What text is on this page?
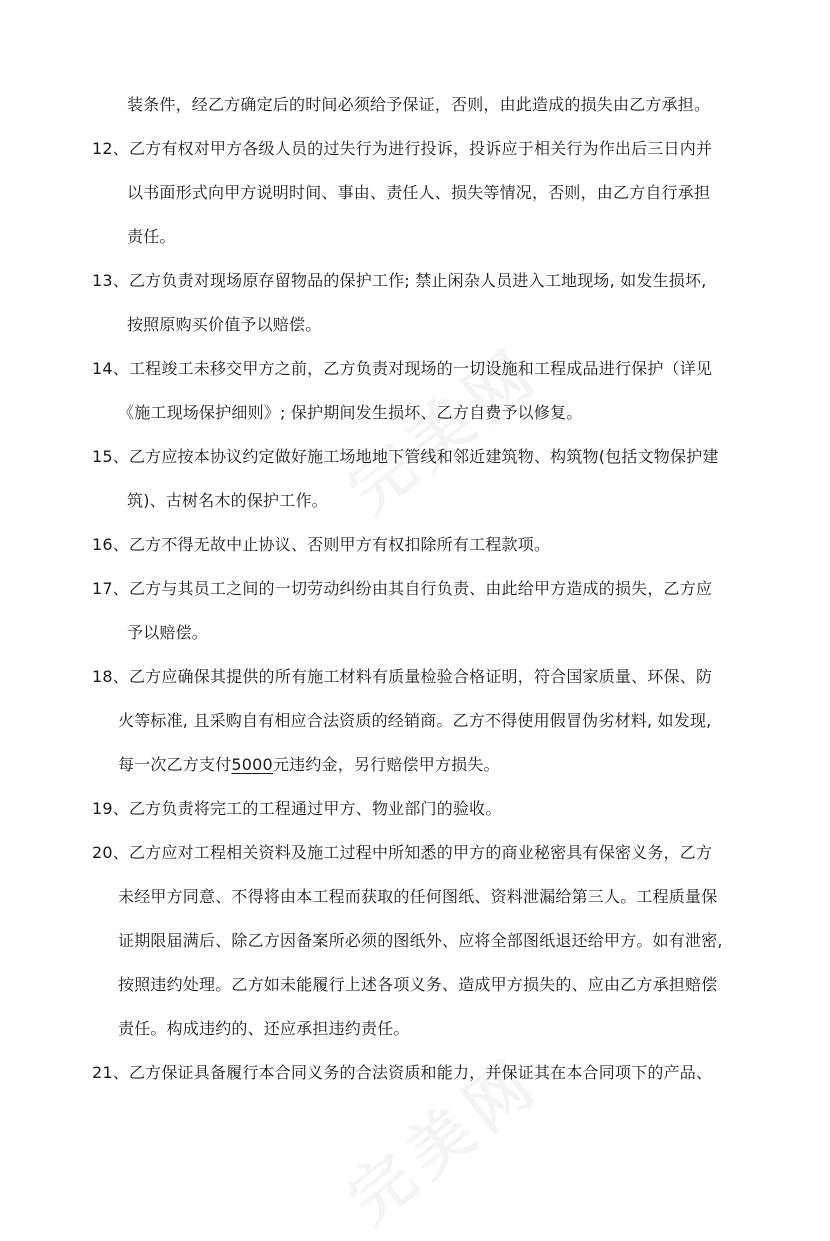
装条件，经乙方确定后的时间必须给予保证，否则，由此造成的损失由乙方承担。
12、乙方有权对甲方各级人员的过失行为进行投诉，投诉应于相关行为作出后三日内并
以书面形式向甲方说明时间、事由、责任人、损失等情况，否则，由乙方自行承担
责任。
13、乙方负责对现场原存留物品的保护工作; 禁止闲杂人员进入工地现场, 如发生损坏,
按照原购买价值予以赔偿。
14、工程竣工未移交甲方之前，乙方负责对现场的一切设施和工程成品进行保护（详见
《施工现场保护细则》; 保护期间发生损坏、乙方自费予以修复。
15、乙方应按本协议约定做好施工场地地下管线和邻近建筑物、构筑物(包括文物保护建
筑)、古树名木的保护工作。
16、乙方不得无故中止协议、否则甲方有权扣除所有工程款项。
17、乙方与其员工之间的一切劳动纠纷由其自行负责、由此给甲方造成的损失，乙方应
予以赔偿。
18、乙方应确保其提供的所有施工材料有质量检验合格证明，符合国家质量、环保、防
火等标准, 且采购自有相应合法资质的经销商。乙方不得使用假冒伪劣材料, 如发现,
每一次乙方支付5000元违约金，另行赔偿甲方损失。
19、乙方负责将完工的工程通过甲方、物业部门的验收。
20、乙方应对工程相关资料及施工过程中所知悉的甲方的商业秘密具有保密义务，乙方
未经甲方同意、不得将由本工程而获取的任何图纸、资料泄漏给第三人。工程质量保
证期限届满后、除乙方因备案所必须的图纸外、应将全部图纸退还给甲方。如有泄密,
按照违约处理。乙方如未能履行上述各项义务、造成甲方损失的、应由乙方承担赔偿
责任。构成违约的、还应承担违约责任。
21、乙方保证具备履行本合同义务的合法资质和能力，并保证其在本合同项下的产品、
